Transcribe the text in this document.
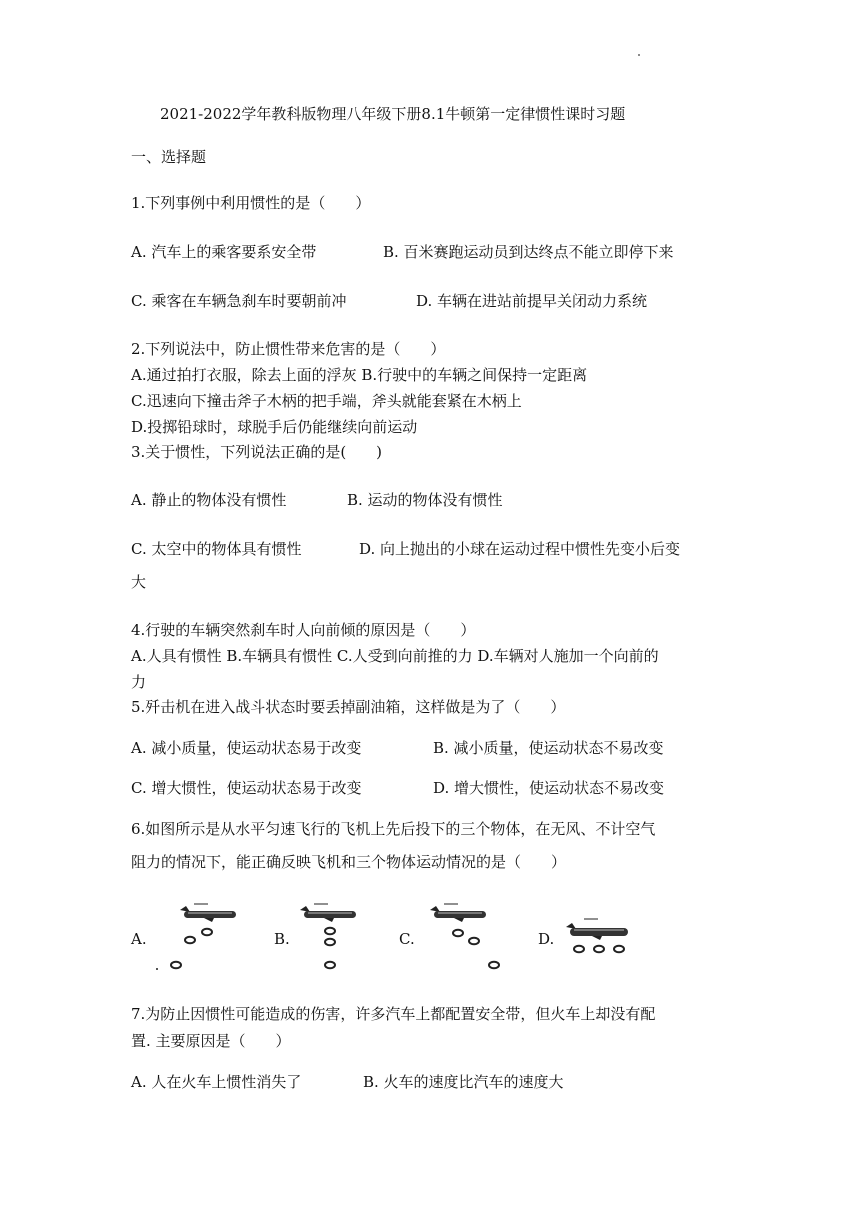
2021-2022学年教科版物理八年级下册8.1牛顿第一定律惯性课时习题
一、选择题
1.下列事例中利用惯性的是（　　）
A. 汽车上的乘客要系安全带	B. 百米赛跑运动员到达终点不能立即停下来
C. 乘客在车辆急刹车时要朝前冲	D. 车辆在进站前提早关闭动力系统
2.下列说法中，防止惯性带来危害的是（　　）
A.通过拍打衣服，除去上面的浮灰 B.行驶中的车辆之间保持一定距离
C.迅速向下撞击斧子木柄的把手端，斧头就能套紧在木柄上
D.投掷铅球时，球脱手后仍能继续向前运动
3.关于惯性，下列说法正确的是(　　)
A. 静止的物体没有惯性	B. 运动的物体没有惯性
C. 太空中的物体具有惯性	D. 向上抛出的小球在运动过程中惯性先变小后变
大
4.行驶的车辆突然刹车时人向前倾的原因是（　　）
A.人具有惯性 B.车辆具有惯性 C.人受到向前推的力 D.车辆对人施加一个向前的
力
5.歼击机在进入战斗状态时要丢掉副油箱，这样做是为了（　　）
A. 减小质量，使运动状态易于改变	B. 减小质量，使运动状态不易改变
C. 增大惯性，使运动状态易于改变	D. 增大惯性，使运动状态不易改变
6.如图所示是从水平匀速飞行的飞机上先后投下的三个物体，在无风、不计空气
阻力的情况下，能正确反映飞机和三个物体运动情况的是（　　）
A.	B.	C.	D.
7.为防止因惯性可能造成的伤害，许多汽车上都配置安全带，但火车上却没有配
置. 主要原因是（　　）
A. 人在火车上惯性消失了	B. 火车的速度比汽车的速度大
